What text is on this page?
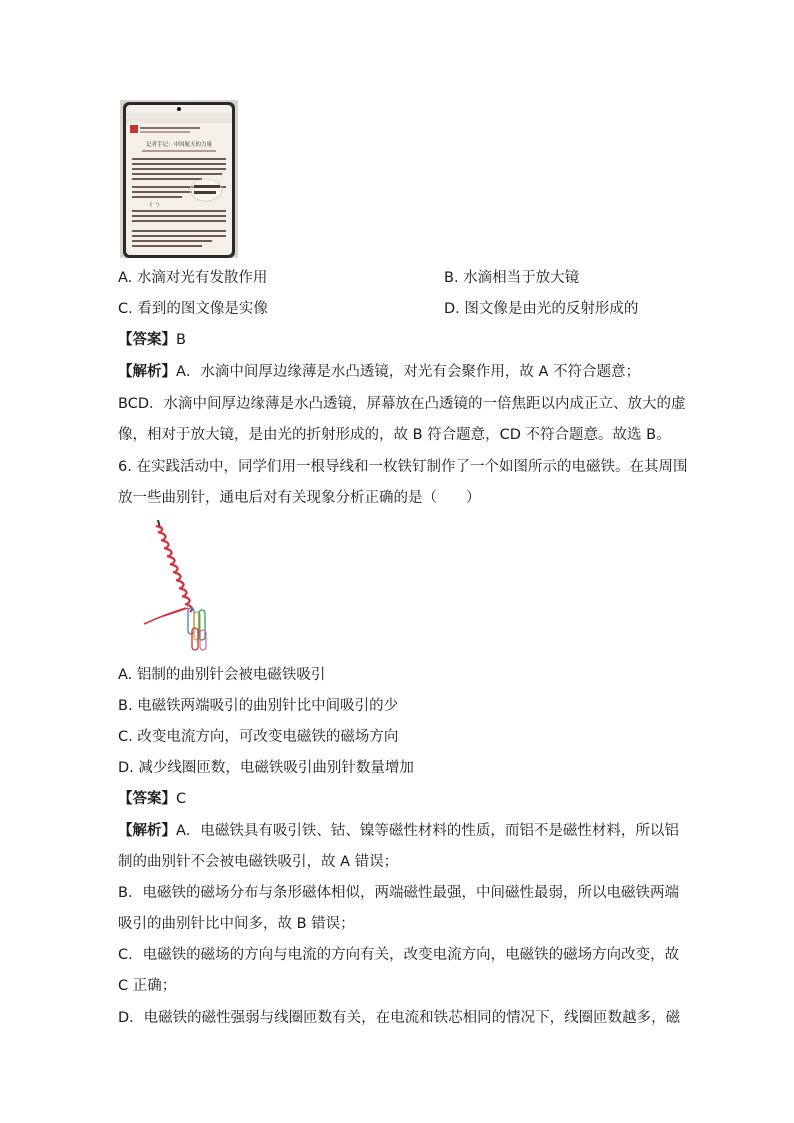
记者手记：中国航天的力量
(一)
A. 水滴对光有发散作用	B. 水滴相当于放大镜
C. 看到的图文像是实像	D. 图文像是由光的反射形成的
【答案】B
【解析】A．水滴中间厚边缘薄是水凸透镜，对光有会聚作用，故 A 不符合题意；
BCD．水滴中间厚边缘薄是水凸透镜，屏幕放在凸透镜的一倍焦距以内成正立、放大的虚
像，相对于放大镜，是由光的折射形成的，故 B 符合题意，CD 不符合题意。故选 B。
6. 在实践活动中，同学们用一根导线和一枚铁钉制作了一个如图所示的电磁铁。在其周围
放一些曲别针，通电后对有关现象分析正确的是（　　）
A. 铝制的曲别针会被电磁铁吸引
B. 电磁铁两端吸引的曲别针比中间吸引的少
C. 改变电流方向，可改变电磁铁的磁场方向
D. 减少线圈匝数，电磁铁吸引曲别针数量增加
【答案】C
【解析】A．电磁铁具有吸引铁、钴、镍等磁性材料的性质，而铝不是磁性材料，所以铝
制的曲别针不会被电磁铁吸引，故 A 错误；
B．电磁铁的磁场分布与条形磁体相似，两端磁性最强，中间磁性最弱，所以电磁铁两端
吸引的曲别针比中间多，故 B 错误；
C．电磁铁的磁场的方向与电流的方向有关，改变电流方向，电磁铁的磁场方向改变，故
C 正确；
D．电磁铁的磁性强弱与线圈匝数有关，在电流和铁芯相同的情况下，线圈匝数越多，磁
